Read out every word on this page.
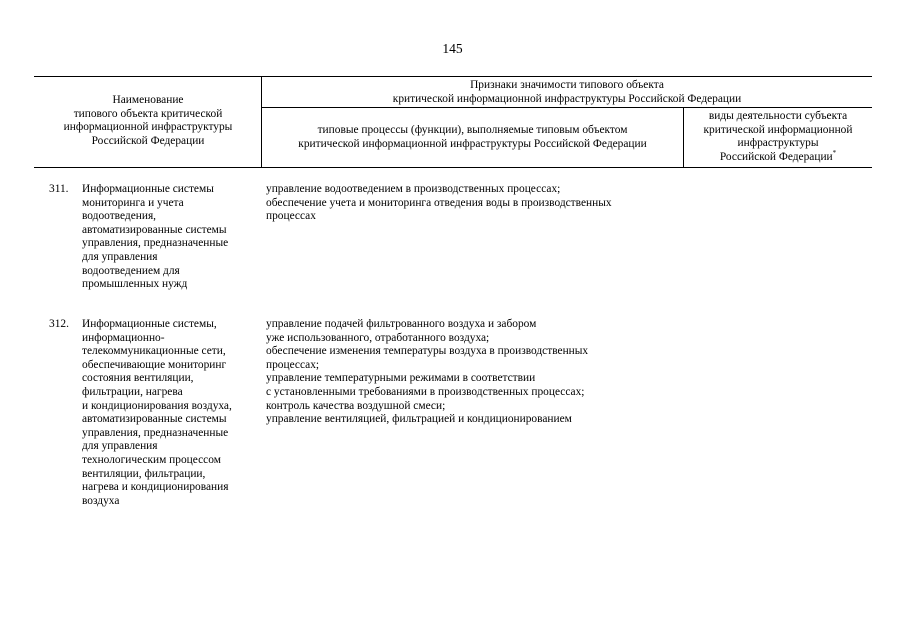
145
Наименование
типового объекта критической
информационной инфраструктуры
Российской Федерации
Признаки значимости типового объекта
критической информационной инфраструктуры Российской Федерации
типовые процессы (функции), выполняемые типовым объектом
критической информационной инфраструктуры Российской Федерации
виды деятельности субъекта
критической информационной
инфраструктуры
Российской Федерации*
311. Информационные системы
мониторинга и учета
водоотведения,
автоматизированные системы
управления, предназначенные
для управления
водоотведением для
промышленных нужд
управление водоотведением в производственных процессах;
обеспечение учета и мониторинга отведения воды в производственных
процессах
312. Информационные системы,
информационно-
телекоммуникационные сети,
обеспечивающие мониторинг
состояния вентиляции,
фильтрации, нагрева
и кондиционирования воздуха,
автоматизированные системы
управления, предназначенные
для управления
технологическим процессом
вентиляции, фильтрации,
нагрева и кондиционирования
воздуха
управление подачей фильтрованного воздуха и забором
уже использованного, отработанного воздуха;
обеспечение изменения температуры воздуха в производственных
процессах;
управление температурными режимами в соответствии
с установленными требованиями в производственных процессах;
контроль качества воздушной смеси;
управление вентиляцией, фильтрацией и кондиционированием
